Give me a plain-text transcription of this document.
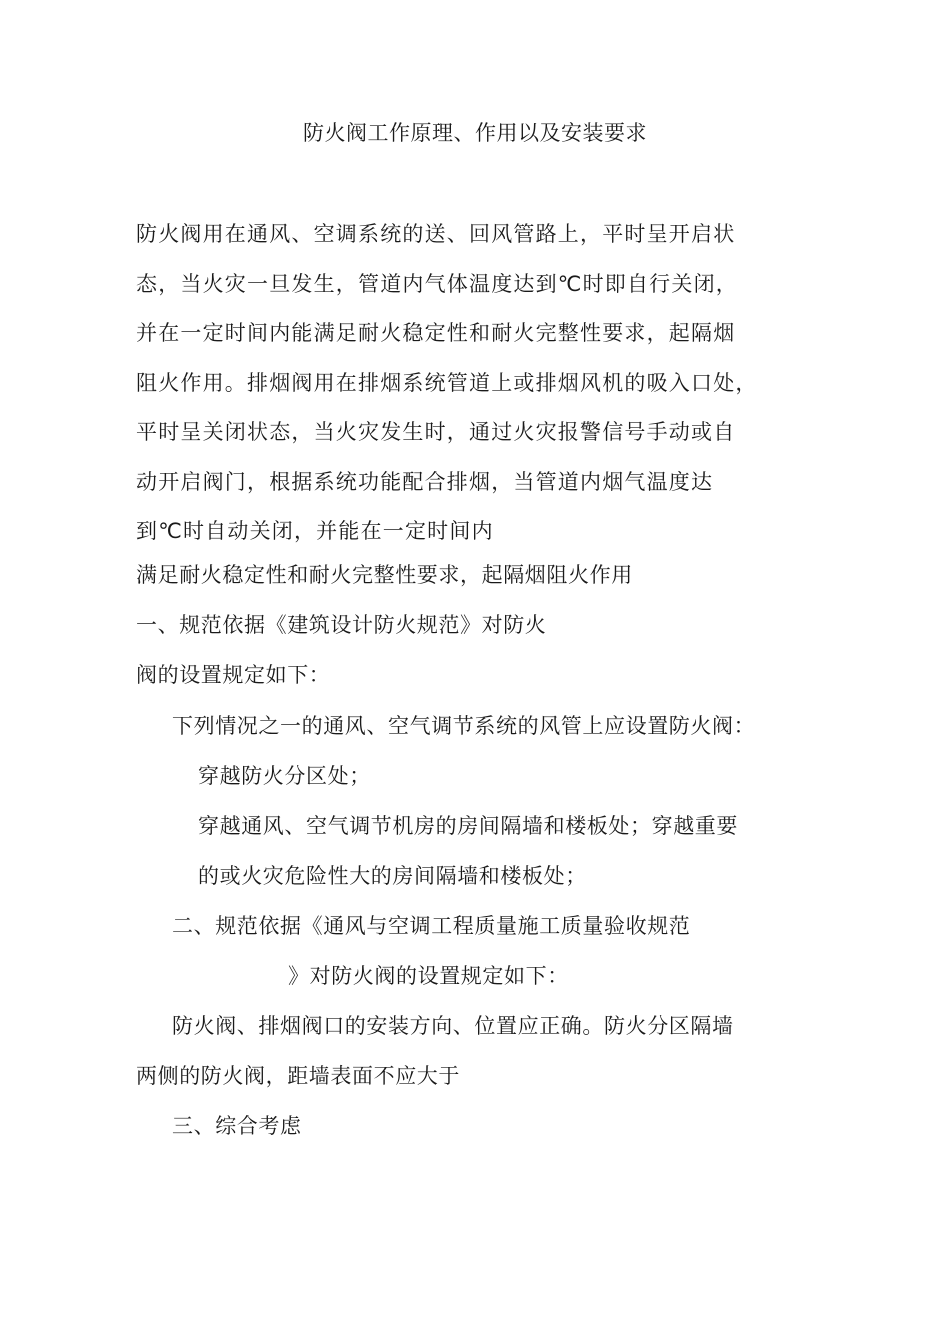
防火阀工作原理、作用以及安装要求
防火阀用在通风、空调系统的送、回风管路上，平时呈开启状
态，当火灾一旦发生，管道内气体温度达到℃时即自行关闭，
并在一定时间内能满足耐火稳定性和耐火完整性要求，起隔烟
阻火作用。排烟阀用在排烟系统管道上或排烟风机的吸入口处，
平时呈关闭状态，当火灾发生时，通过火灾报警信号手动或自
动开启阀门，根据系统功能配合排烟，当管道内烟气温度达
到℃时自动关闭，并能在一定时间内
满足耐火稳定性和耐火完整性要求，起隔烟阻火作用
一、规范依据《建筑设计防火规范》对防火
阀的设置规定如下：
下列情况之一的通风、空气调节系统的风管上应设置防火阀：
穿越防火分区处；
穿越通风、空气调节机房的房间隔墙和楼板处；穿越重要
的或火灾危险性大的房间隔墙和楼板处；
二、规范依据《通风与空调工程质量施工质量验收规范
》对防火阀的设置规定如下：
防火阀、排烟阀口的安装方向、位置应正确。防火分区隔墙
两侧的防火阀，距墙表面不应大于
三、综合考虑
